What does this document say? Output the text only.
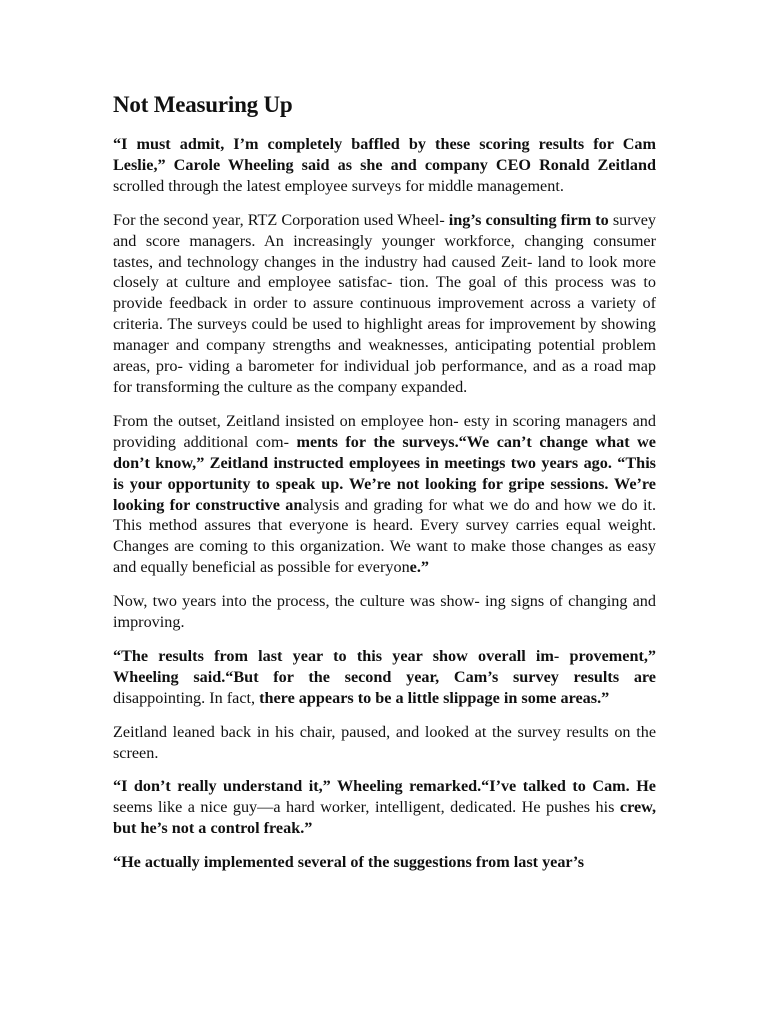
Not Measuring Up

“I must admit, I’m completely baffled by these scoring results for Cam Leslie,” Carole Wheeling said as she and company CEO Ronald Zeitland scrolled through the latest employee surveys for middle management.

For the second year, RTZ Corporation used Wheel- ing’s consulting firm to survey and score managers. An increasingly younger workforce, changing consumer tastes, and technology changes in the industry had caused Zeit- land to look more closely at culture and employee satisfac- tion. The goal of this process was to provide feedback in order to assure continuous improvement across a variety of criteria. The surveys could be used to highlight areas for improvement by showing manager and company strengths and weaknesses, anticipating potential problem areas, pro- viding a barometer for individual job performance, and as a road map for transforming the culture as the company expanded.

From the outset, Zeitland insisted on employee hon- esty in scoring managers and providing additional com- ments for the surveys.“We can’t change what we don’t know,” Zeitland instructed employees in meetings two years ago. “This is your opportunity to speak up. We’re not looking for gripe sessions. We’re looking for constructive analysis and grading for what we do and how we do it. This method assures that everyone is heard. Every survey carries equal weight. Changes are coming to this organization. We want to make those changes as easy and equally beneficial as possible for everyone.”

Now, two years into the process, the culture was show- ing signs of changing and improving.

“The results from last year to this year show overall im- provement,” Wheeling said.“But for the second year, Cam’s survey results are disappointing. In fact, there appears to be a little slippage in some areas.”

Zeitland leaned back in his chair, paused, and looked at the survey results on the screen.

“I don’t really understand it,” Wheeling remarked.“I’ve talked to Cam. He seems like a nice guy—a hard worker, intelligent, dedicated. He pushes his crew, but he’s not a control freak.”

“He actually implemented several of the suggestions from last year’s
